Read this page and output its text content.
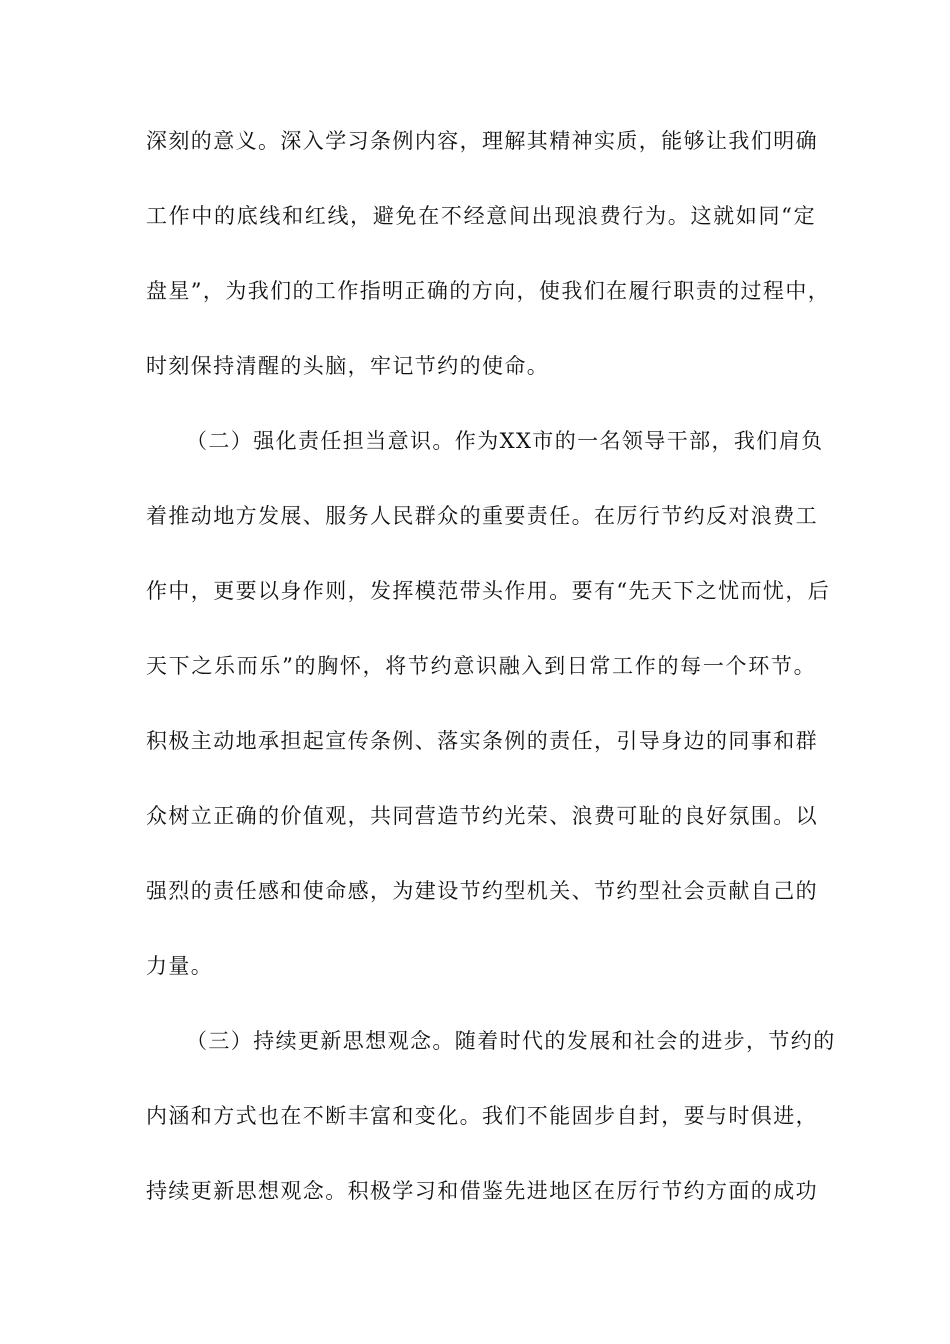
深刻的意义。深入学习条例内容，理解其精神实质，能够让我们明确
工作中的底线和红线，避免在不经意间出现浪费行为。这就如同“定
盘星”，为我们的工作指明正确的方向，使我们在履行职责的过程中，
时刻保持清醒的头脑，牢记节约的使命。
（二）强化责任担当意识。作为XX市的一名领导干部，我们肩负
着推动地方发展、服务人民群众的重要责任。在厉行节约反对浪费工
作中，更要以身作则，发挥模范带头作用。要有“先天下之忧而忧，后
天下之乐而乐”的胸怀，将节约意识融入到日常工作的每一个环节。
积极主动地承担起宣传条例、落实条例的责任，引导身边的同事和群
众树立正确的价值观，共同营造节约光荣、浪费可耻的良好氛围。以
强烈的责任感和使命感，为建设节约型机关、节约型社会贡献自己的
力量。
（三）持续更新思想观念。随着时代的发展和社会的进步，节约的
内涵和方式也在不断丰富和变化。我们不能固步自封，要与时俱进，
持续更新思想观念。积极学习和借鉴先进地区在厉行节约方面的成功
